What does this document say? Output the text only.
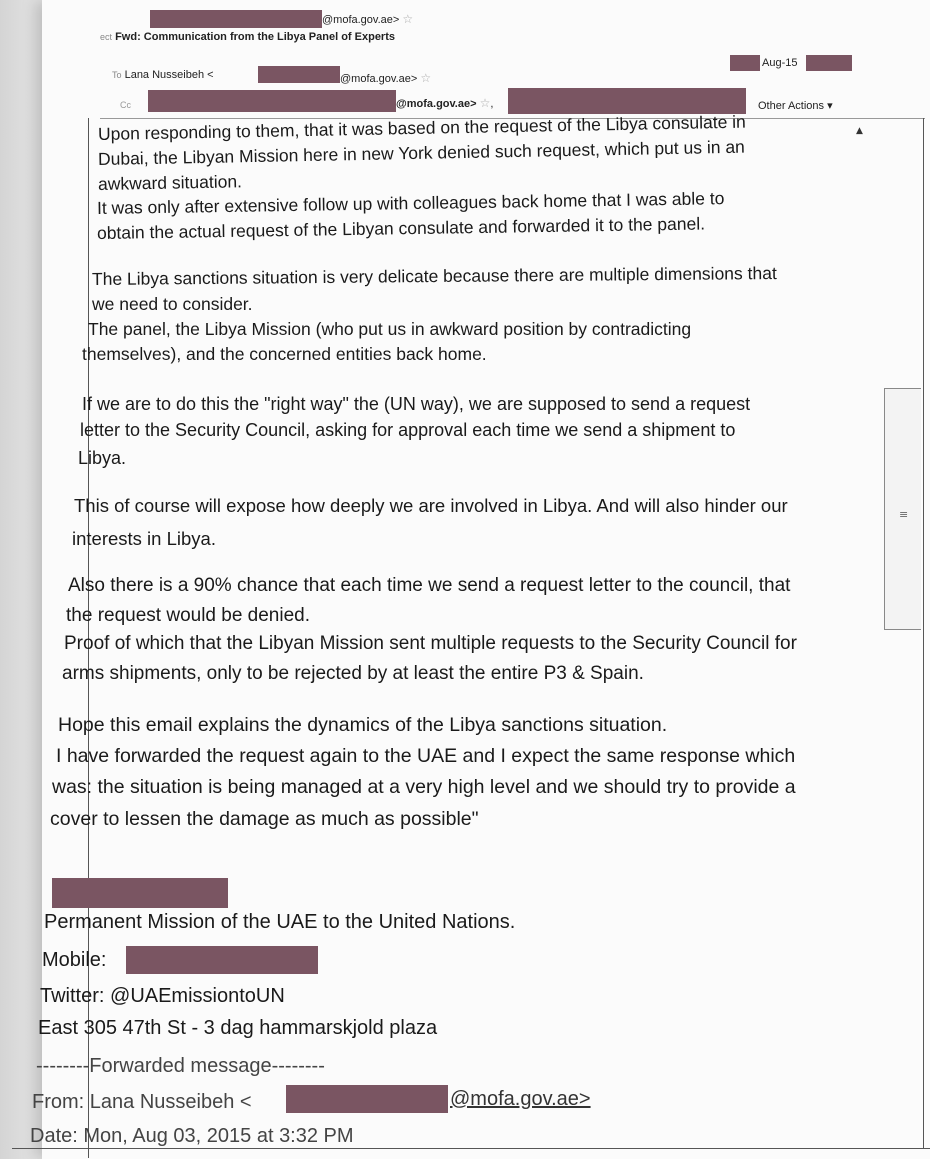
@mofa.gov.ae> ☆
ect Fwd: Communication from the Libya Panel of Experts
Aug-15
To Lana Nusseibeh <	@mofa.gov.ae> ☆
Cc	@mofa.gov.ae> ☆,	Other Actions ▾
▲
≡
Upon responding to them, that it was based on the request of the Libya consulate in
Dubai, the Libyan Mission here in new York denied such request, which put us in an
awkward situation.
It was only after extensive follow up with colleagues back home that I was able to
obtain the actual request of the Libyan consulate and forwarded it to the panel.
The Libya sanctions situation is very delicate because there are multiple dimensions that
we need to consider.
The panel, the Libya Mission (who put us in awkward position by contradicting
themselves), and the concerned entities back home.
If we are to do this the "right way" the (UN way), we are supposed to send a request
letter to the Security Council, asking for approval each time we send a shipment to
Libya.
This of course will expose how deeply we are involved in Libya. And will also hinder our
interests in Libya.
Also there is a 90% chance that each time we send a request letter to the council, that
the request would be denied.
Proof of which that the Libyan Mission sent multiple requests to the Security Council for
arms shipments, only to be rejected by at least the entire P3 & Spain.
Hope this email explains the dynamics of the Libya sanctions situation.
I have forwarded the request again to the UAE and I expect the same response which
was: the situation is being managed at a very high level and we should try to provide a
cover to lessen the damage as much as possible"
Permanent Mission of the UAE to the United Nations.
Mobile:
Twitter: @UAEmissiontoUN
East 305 47th St - 3 dag hammarskjold plaza
--------Forwarded message--------
From: Lana Nusseibeh <	@mofa.gov.ae>
Date: Mon, Aug 03, 2015 at 3:32 PM
